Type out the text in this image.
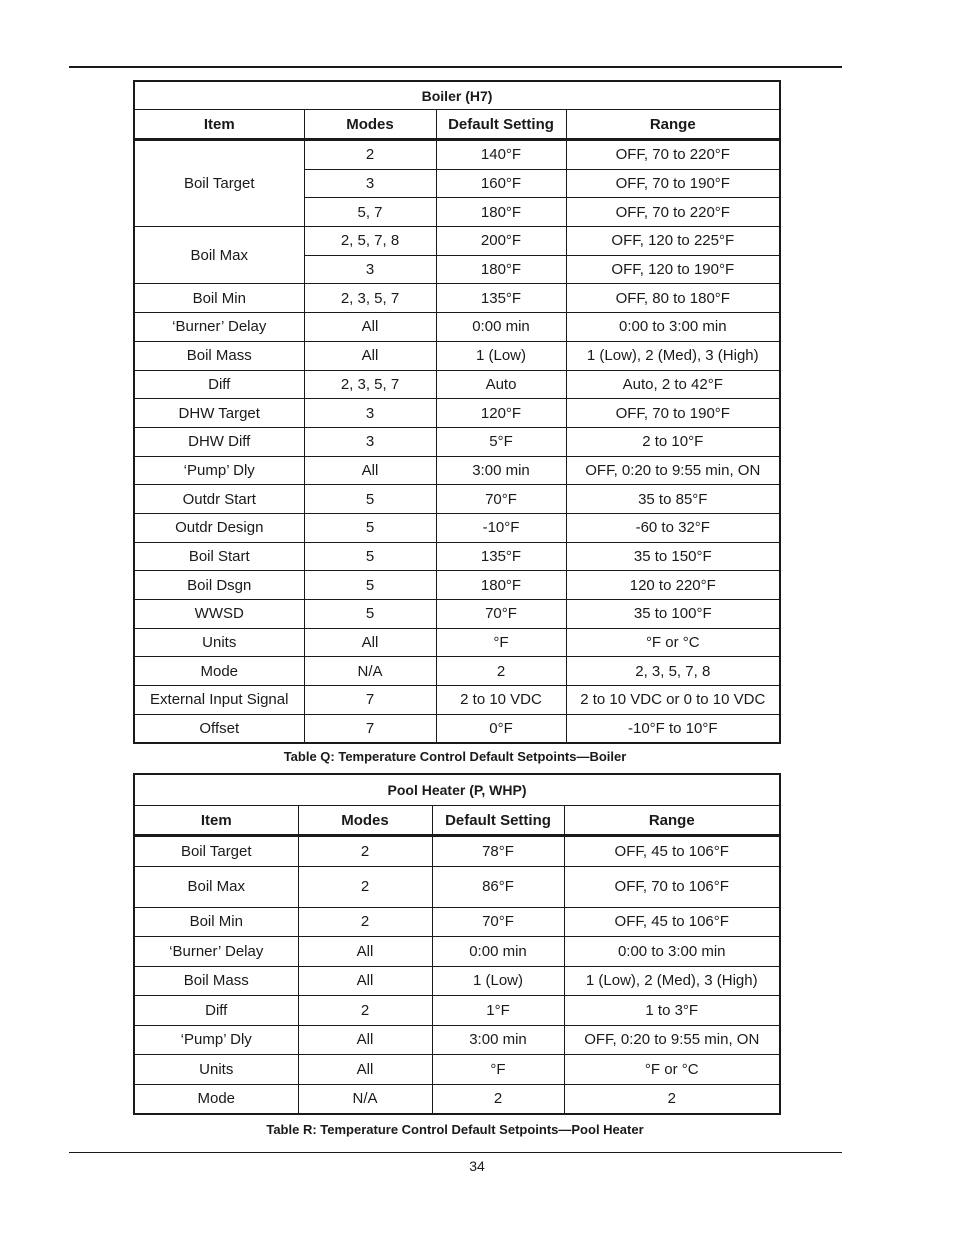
Boiler (H7)			
Item	Modes	Default Setting	Range
Boil Target	2	140°F	OFF, 70 to 220°F
	3	160°F	OFF, 70 to 190°F
	5, 7	180°F	OFF, 70 to 220°F
Boil Max	2, 5, 7, 8	200°F	OFF, 120 to 225°F
	3	180°F	OFF, 120 to 190°F
Boil Min	2, 3, 5, 7	135°F	OFF, 80 to 180°F
‘Burner’ Delay	All	0:00 min	0:00 to 3:00 min
Boil Mass	All	1 (Low)	1 (Low), 2 (Med), 3 (High)
Diff	2, 3, 5, 7	Auto	Auto, 2 to 42°F
DHW Target	3	120°F	OFF, 70 to 190°F
DHW Diff	3	5°F	2 to 10°F
‘Pump’ Dly	All	3:00 min	OFF, 0:20 to 9:55 min, ON
Outdr Start	5	70°F	35 to 85°F
Outdr Design	5	-10°F	-60 to 32°F
Boil Start	5	135°F	35 to 150°F
Boil Dsgn	5	180°F	120 to 220°F
WWSD	5	70°F	35 to 100°F
Units	All	°F	°F or °C
Mode	N/A	2	2, 3, 5, 7, 8
External Input Signal	7	2 to 10 VDC	2 to 10 VDC or 0 to 10 VDC
Offset	7	0°F	-10°F to 10°F
Table Q: Temperature Control Default Setpoints—Boiler
Pool Heater (P, WHP)			
Item	Modes	Default Setting	Range
Boil Target	2	78°F	OFF, 45 to 106°F
Boil Max	2	86°F	OFF, 70 to 106°F
Boil Min	2	70°F	OFF, 45 to 106°F
‘Burner’ Delay	All	0:00 min	0:00 to 3:00 min
Boil Mass	All	1 (Low)	1 (Low), 2 (Med), 3 (High)
Diff	2	1°F	1 to 3°F
‘Pump’ Dly	All	3:00 min	OFF, 0:20 to 9:55 min, ON
Units	All	°F	°F or °C
Mode	N/A	2	2
Table R: Temperature Control Default Setpoints—Pool Heater
34
